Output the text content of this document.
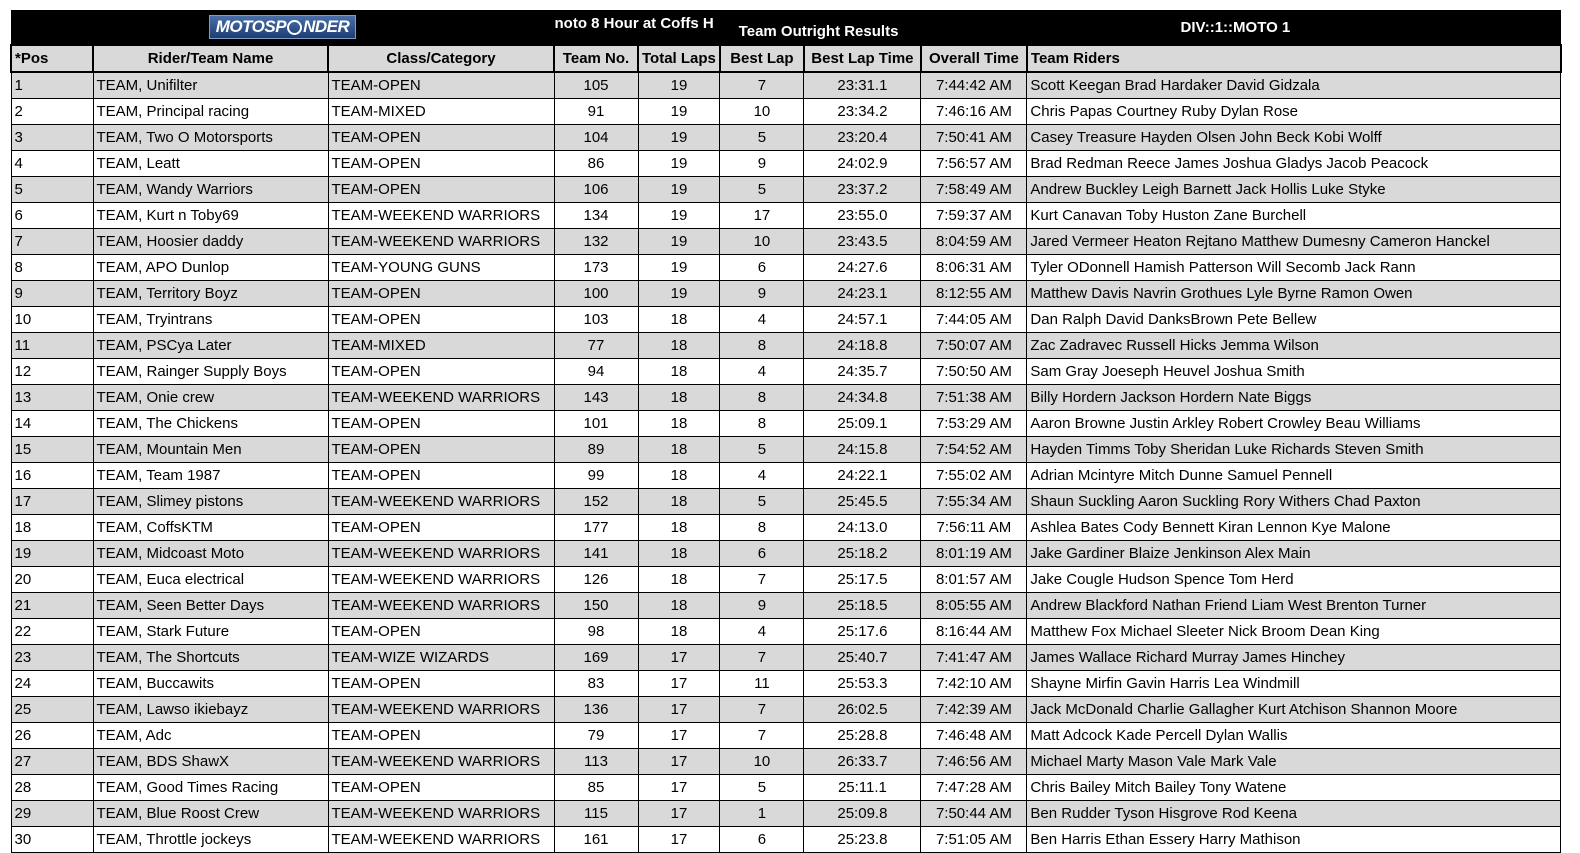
MOTOSP NDER			noto 8 Hour at Coffs H Team Outright Results					DIV::1::MOTO 1
*Pos	Rider/Team Name	Class/Category	Team No.	Total Laps	Best Lap	Best Lap Time	Overall Time	Team Riders
1	TEAM, Unifilter	TEAM-OPEN	105	19	7	23:31.1	7:44:42 AM	Scott Keegan Brad Hardaker David Gidzala
2	TEAM, Principal racing	TEAM-MIXED	91	19	10	23:34.2	7:46:16 AM	Chris Papas Courtney Ruby Dylan Rose
3	TEAM, Two O Motorsports	TEAM-OPEN	104	19	5	23:20.4	7:50:41 AM	Casey Treasure Hayden Olsen John Beck Kobi Wolff
4	TEAM, Leatt	TEAM-OPEN	86	19	9	24:02.9	7:56:57 AM	Brad Redman Reece James Joshua Gladys Jacob Peacock
5	TEAM, Wandy Warriors	TEAM-OPEN	106	19	5	23:37.2	7:58:49 AM	Andrew Buckley Leigh Barnett Jack Hollis Luke Styke
6	TEAM, Kurt n Toby69	TEAM-WEEKEND WARRIORS	134	19	17	23:55.0	7:59:37 AM	Kurt Canavan Toby Huston Zane Burchell
7	TEAM, Hoosier daddy	TEAM-WEEKEND WARRIORS	132	19	10	23:43.5	8:04:59 AM	Jared Vermeer Heaton Rejtano Matthew Dumesny Cameron Hanckel
8	TEAM, APO Dunlop	TEAM-YOUNG GUNS	173	19	6	24:27.6	8:06:31 AM	Tyler ODonnell Hamish Patterson Will Secomb Jack Rann
9	TEAM, Territory Boyz	TEAM-OPEN	100	19	9	24:23.1	8:12:55 AM	Matthew Davis Navrin Grothues Lyle Byrne Ramon Owen
10	TEAM, Tryintrans	TEAM-OPEN	103	18	4	24:57.1	7:44:05 AM	Dan Ralph David DanksBrown Pete Bellew
11	TEAM, PSCya Later	TEAM-MIXED	77	18	8	24:18.8	7:50:07 AM	Zac Zadravec Russell Hicks Jemma Wilson
12	TEAM, Rainger Supply Boys	TEAM-OPEN	94	18	4	24:35.7	7:50:50 AM	Sam Gray Joeseph Heuvel Joshua Smith
13	TEAM, Onie crew	TEAM-WEEKEND WARRIORS	143	18	8	24:34.8	7:51:38 AM	Billy Hordern Jackson Hordern Nate Biggs
14	TEAM, The Chickens	TEAM-OPEN	101	18	8	25:09.1	7:53:29 AM	Aaron Browne Justin Arkley Robert Crowley Beau Williams
15	TEAM, Mountain Men	TEAM-OPEN	89	18	5	24:15.8	7:54:52 AM	Hayden Timms Toby Sheridan Luke Richards Steven Smith
16	TEAM, Team 1987	TEAM-OPEN	99	18	4	24:22.1	7:55:02 AM	Adrian Mcintyre Mitch Dunne Samuel Pennell
17	TEAM, Slimey pistons	TEAM-WEEKEND WARRIORS	152	18	5	25:45.5	7:55:34 AM	Shaun Suckling Aaron Suckling Rory Withers Chad Paxton
18	TEAM, CoffsKTM	TEAM-OPEN	177	18	8	24:13.0	7:56:11 AM	Ashlea Bates Cody Bennett Kiran Lennon Kye Malone
19	TEAM, Midcoast Moto	TEAM-WEEKEND WARRIORS	141	18	6	25:18.2	8:01:19 AM	Jake Gardiner Blaize Jenkinson Alex Main
20	TEAM, Euca electrical	TEAM-WEEKEND WARRIORS	126	18	7	25:17.5	8:01:57 AM	Jake Cougle Hudson Spence Tom Herd
21	TEAM, Seen Better Days	TEAM-WEEKEND WARRIORS	150	18	9	25:18.5	8:05:55 AM	Andrew Blackford Nathan Friend Liam West Brenton Turner
22	TEAM, Stark Future	TEAM-OPEN	98	18	4	25:17.6	8:16:44 AM	Matthew Fox Michael Sleeter Nick Broom Dean King
23	TEAM, The Shortcuts	TEAM-WIZE WIZARDS	169	17	7	25:40.7	7:41:47 AM	James Wallace Richard Murray James Hinchey
24	TEAM, Buccawits	TEAM-OPEN	83	17	11	25:53.3	7:42:10 AM	Shayne Mirfin Gavin Harris Lea Windmill
25	TEAM, Lawso ikiebayz	TEAM-WEEKEND WARRIORS	136	17	7	26:02.5	7:42:39 AM	Jack McDonald Charlie Gallagher Kurt Atchison Shannon Moore
26	TEAM, Adc	TEAM-OPEN	79	17	7	25:28.8	7:46:48 AM	Matt Adcock Kade Percell Dylan Wallis
27	TEAM, BDS ShawX	TEAM-WEEKEND WARRIORS	113	17	10	26:33.7	7:46:56 AM	Michael Marty Mason Vale Mark Vale
28	TEAM, Good Times Racing	TEAM-OPEN	85	17	5	25:11.1	7:47:28 AM	Chris Bailey Mitch Bailey Tony Watene
29	TEAM, Blue Roost Crew	TEAM-WEEKEND WARRIORS	115	17	1	25:09.8	7:50:44 AM	Ben Rudder Tyson Hisgrove Rod Keena
30	TEAM, Throttle jockeys	TEAM-WEEKEND WARRIORS	161	17	6	25:23.8	7:51:05 AM	Ben Harris Ethan Essery Harry Mathison
